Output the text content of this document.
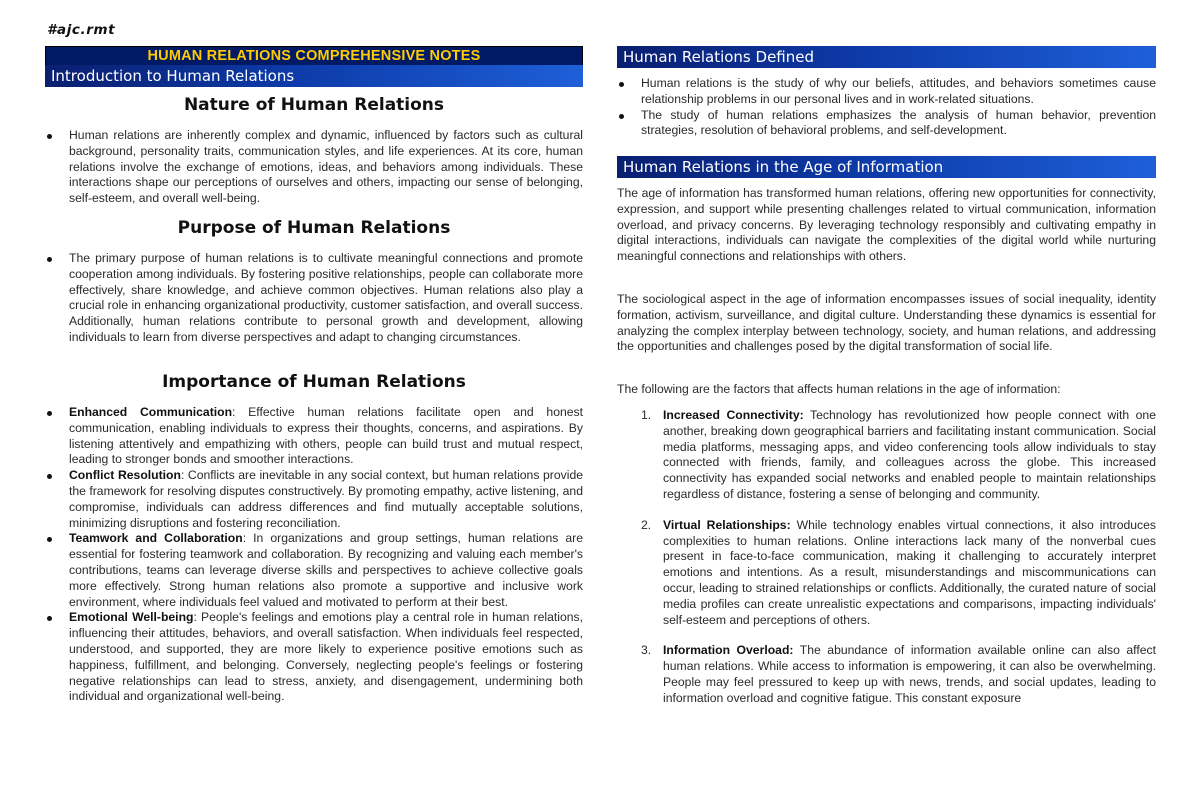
#ajc.rmt
HUMAN RELATIONS COMPREHENSIVE NOTES
Introduction to Human Relations
Nature of Human Relations
Human relations are inherently complex and dynamic, influenced by factors such as cultural background, personality traits, communication styles, and life experiences. At its core, human relations involve the exchange of emotions, ideas, and behaviors among individuals. These interactions shape our perceptions of ourselves and others, impacting our sense of belonging, self-esteem, and overall well-being.
Purpose of Human Relations
The primary purpose of human relations is to cultivate meaningful connections and promote cooperation among individuals. By fostering positive relationships, people can collaborate more effectively, share knowledge, and achieve common objectives. Human relations also play a crucial role in enhancing organizational productivity, customer satisfaction, and overall success. Additionally, human relations contribute to personal growth and development, allowing individuals to learn from diverse perspectives and adapt to changing circumstances.
Importance of Human Relations
Enhanced Communication: Effective human relations facilitate open and honest communication, enabling individuals to express their thoughts, concerns, and aspirations. By listening attentively and empathizing with others, people can build trust and mutual respect, leading to stronger bonds and smoother interactions.
Conflict Resolution: Conflicts are inevitable in any social context, but human relations provide the framework for resolving disputes constructively. By promoting empathy, active listening, and compromise, individuals can address differences and find mutually acceptable solutions, minimizing disruptions and fostering reconciliation.
Teamwork and Collaboration: In organizations and group settings, human relations are essential for fostering teamwork and collaboration. By recognizing and valuing each member's contributions, teams can leverage diverse skills and perspectives to achieve collective goals more effectively. Strong human relations also promote a supportive and inclusive work environment, where individuals feel valued and motivated to perform at their best.
Emotional Well-being: People's feelings and emotions play a central role in human relations, influencing their attitudes, behaviors, and overall satisfaction. When individuals feel respected, understood, and supported, they are more likely to experience positive emotions such as happiness, fulfillment, and belonging. Conversely, neglecting people's feelings or fostering negative relationships can lead to stress, anxiety, and disengagement, undermining both individual and organizational well-being.
Human Relations Defined
Human relations is the study of why our beliefs, attitudes, and behaviors sometimes cause relationship problems in our personal lives and in work-related situations.
The study of human relations emphasizes the analysis of human behavior, prevention strategies, resolution of behavioral problems, and self-development.
Human Relations in the Age of Information

The age of information has transformed human relations, offering new opportunities for connectivity, expression, and support while presenting challenges related to virtual communication, information overload, and privacy concerns. By leveraging technology responsibly and cultivating empathy in digital interactions, individuals can navigate the complexities of the digital world while nurturing meaningful connections and relationships with others.

The sociological aspect in the age of information encompasses issues of social inequality, identity formation, activism, surveillance, and digital culture. Understanding these dynamics is essential for analyzing the complex interplay between technology, society, and human relations, and addressing the opportunities and challenges posed by the digital transformation of social life.

The following are the factors that affects human relations in the age of information:

1. Increased Connectivity: Technology has revolutionized how people connect with one another, breaking down geographical barriers and facilitating instant communication. Social media platforms, messaging apps, and video conferencing tools allow individuals to stay connected with friends, family, and colleagues across the globe. This increased connectivity has expanded social networks and enabled people to maintain relationships regardless of distance, fostering a sense of belonging and community.
2. Virtual Relationships: While technology enables virtual connections, it also introduces complexities to human relations. Online interactions lack many of the nonverbal cues present in face-to-face communication, making it challenging to accurately interpret emotions and intentions. As a result, misunderstandings and miscommunications can occur, leading to strained relationships or conflicts. Additionally, the curated nature of social media profiles can create unrealistic expectations and comparisons, impacting individuals' self-esteem and perceptions of others.
3. Information Overload: The abundance of information available online can also affect human relations. While access to information is empowering, it can also be overwhelming. People may feel pressured to keep up with news, trends, and social updates, leading to information overload and cognitive fatigue. This constant exposure
